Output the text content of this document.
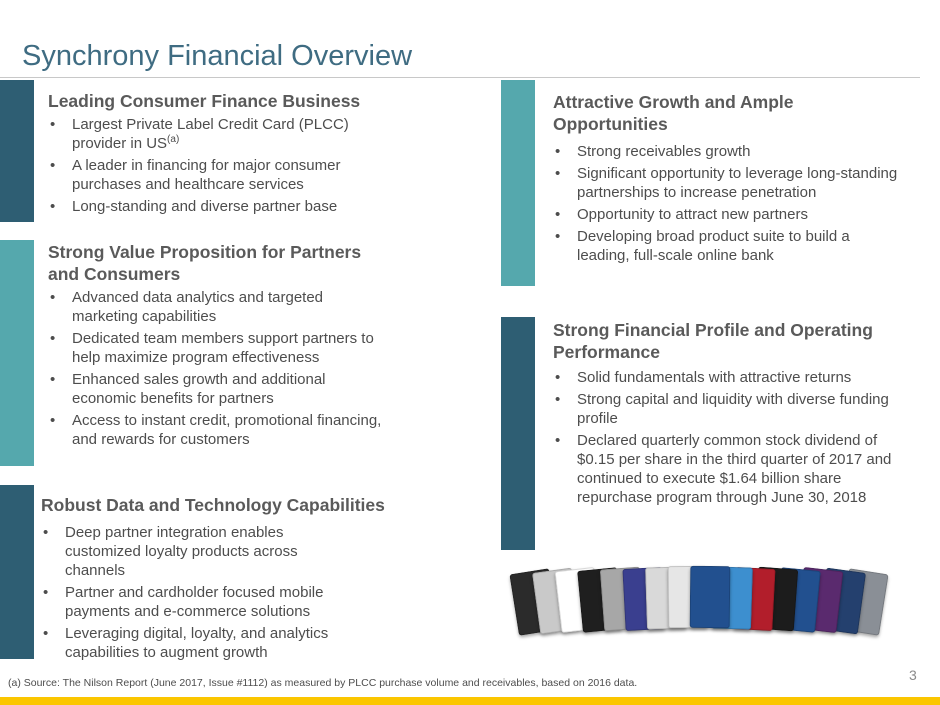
Synchrony Financial Overview
Leading Consumer Finance Business
• Largest Private Label Credit Card (PLCC) provider in US$^{(a)}$
• A leader in financing for major consumer purchases and healthcare services
• Long-standing and diverse partner base
Strong Value Proposition for Partners and Consumers
• Advanced data analytics and targeted marketing capabilities
• Dedicated team members support partners to help maximize program effectiveness
• Enhanced sales growth and additional economic benefits for partners
• Access to instant credit, promotional financing, and rewards for customers
Robust Data and Technology Capabilities
• Deep partner integration enables customized loyalty products across channels
• Partner and cardholder focused mobile payments and e-commerce solutions
• Leveraging digital, loyalty, and analytics capabilities to augment growth
Attractive Growth and Ample Opportunities
• Strong receivables growth
• Significant opportunity to leverage long-standing partnerships to increase penetration
• Opportunity to attract new partners
• Developing broad product suite to build a leading, full-scale online bank
Strong Financial Profile and Operating Performance
• Solid fundamentals with attractive returns
• Strong capital and liquidity with diverse funding profile
• Declared quarterly common stock dividend of $0.15 per share in the third quarter of 2017 and continued to execute $1.64 billion share repurchase program through June 30, 2018
(a) Source: The Nilson Report (June 2017, Issue #1112) as measured by PLCC purchase volume and receivables, based on 2016 data.	3
